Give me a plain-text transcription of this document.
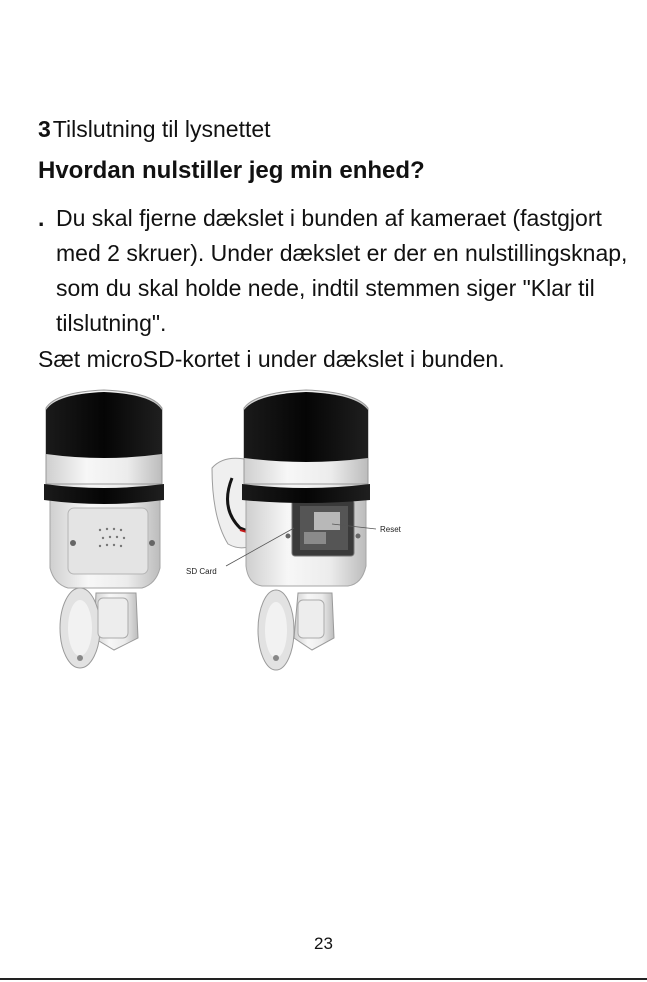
3Tilslutning til lysnettet
Hvordan nulstiller jeg min enhed?
. Du skal fjerne dækslet i bunden af kameraet (fastgjort med 2 skruer). Under dækslet er der en nulstillingsknap, som du skal holde nede, indtil stemmen siger "Klar til tilslutning".
Sæt microSD-kortet i under dækslet i bunden.
SD Card
Reset
23
